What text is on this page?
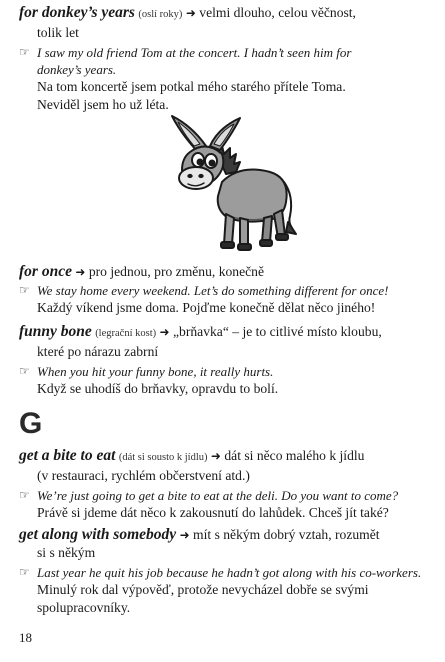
for donkey’s years (oslí roky) ➜ velmi dlouho, celou věčnost,
tolik let
☞ I saw my old friend Tom at the concert. I hadn’t seen him for
donkey’s years.
Na tom koncertě jsem potkal mého starého přítele Toma.
Neviděl jsem ho už léta.
for once ➜ pro jednou, pro změnu, konečně
☞ We stay home every weekend. Let’s do something different for once!
Každý víkend jsme doma. Pojďme konečně dělat něco jiného!
funny bone (legrační kost) ➜ „brňavka“ – je to citlivé místo kloubu,
které po nárazu zabrní
☞ When you hit your funny bone, it really hurts.
Když se uhodíš do brňavky, opravdu to bolí.
G
get a bite to eat (dát si sousto k jídlu) ➜ dát si něco malého k jídlu
(v restauraci, rychlém občerstvení atd.)
☞ We’re just going to get a bite to eat at the deli. Do you want to come?
Právě si jdeme dát něco k zakousnutí do lahůdek. Chceš jít také?
get along with somebody ➜ mít s někým dobrý vztah, rozumět
si s někým
☞ Last year he quit his job because he hadn’t got along with his co-workers.
Minulý rok dal výpověď, protože nevycházel dobře se svými
spolupracovníky.
18
